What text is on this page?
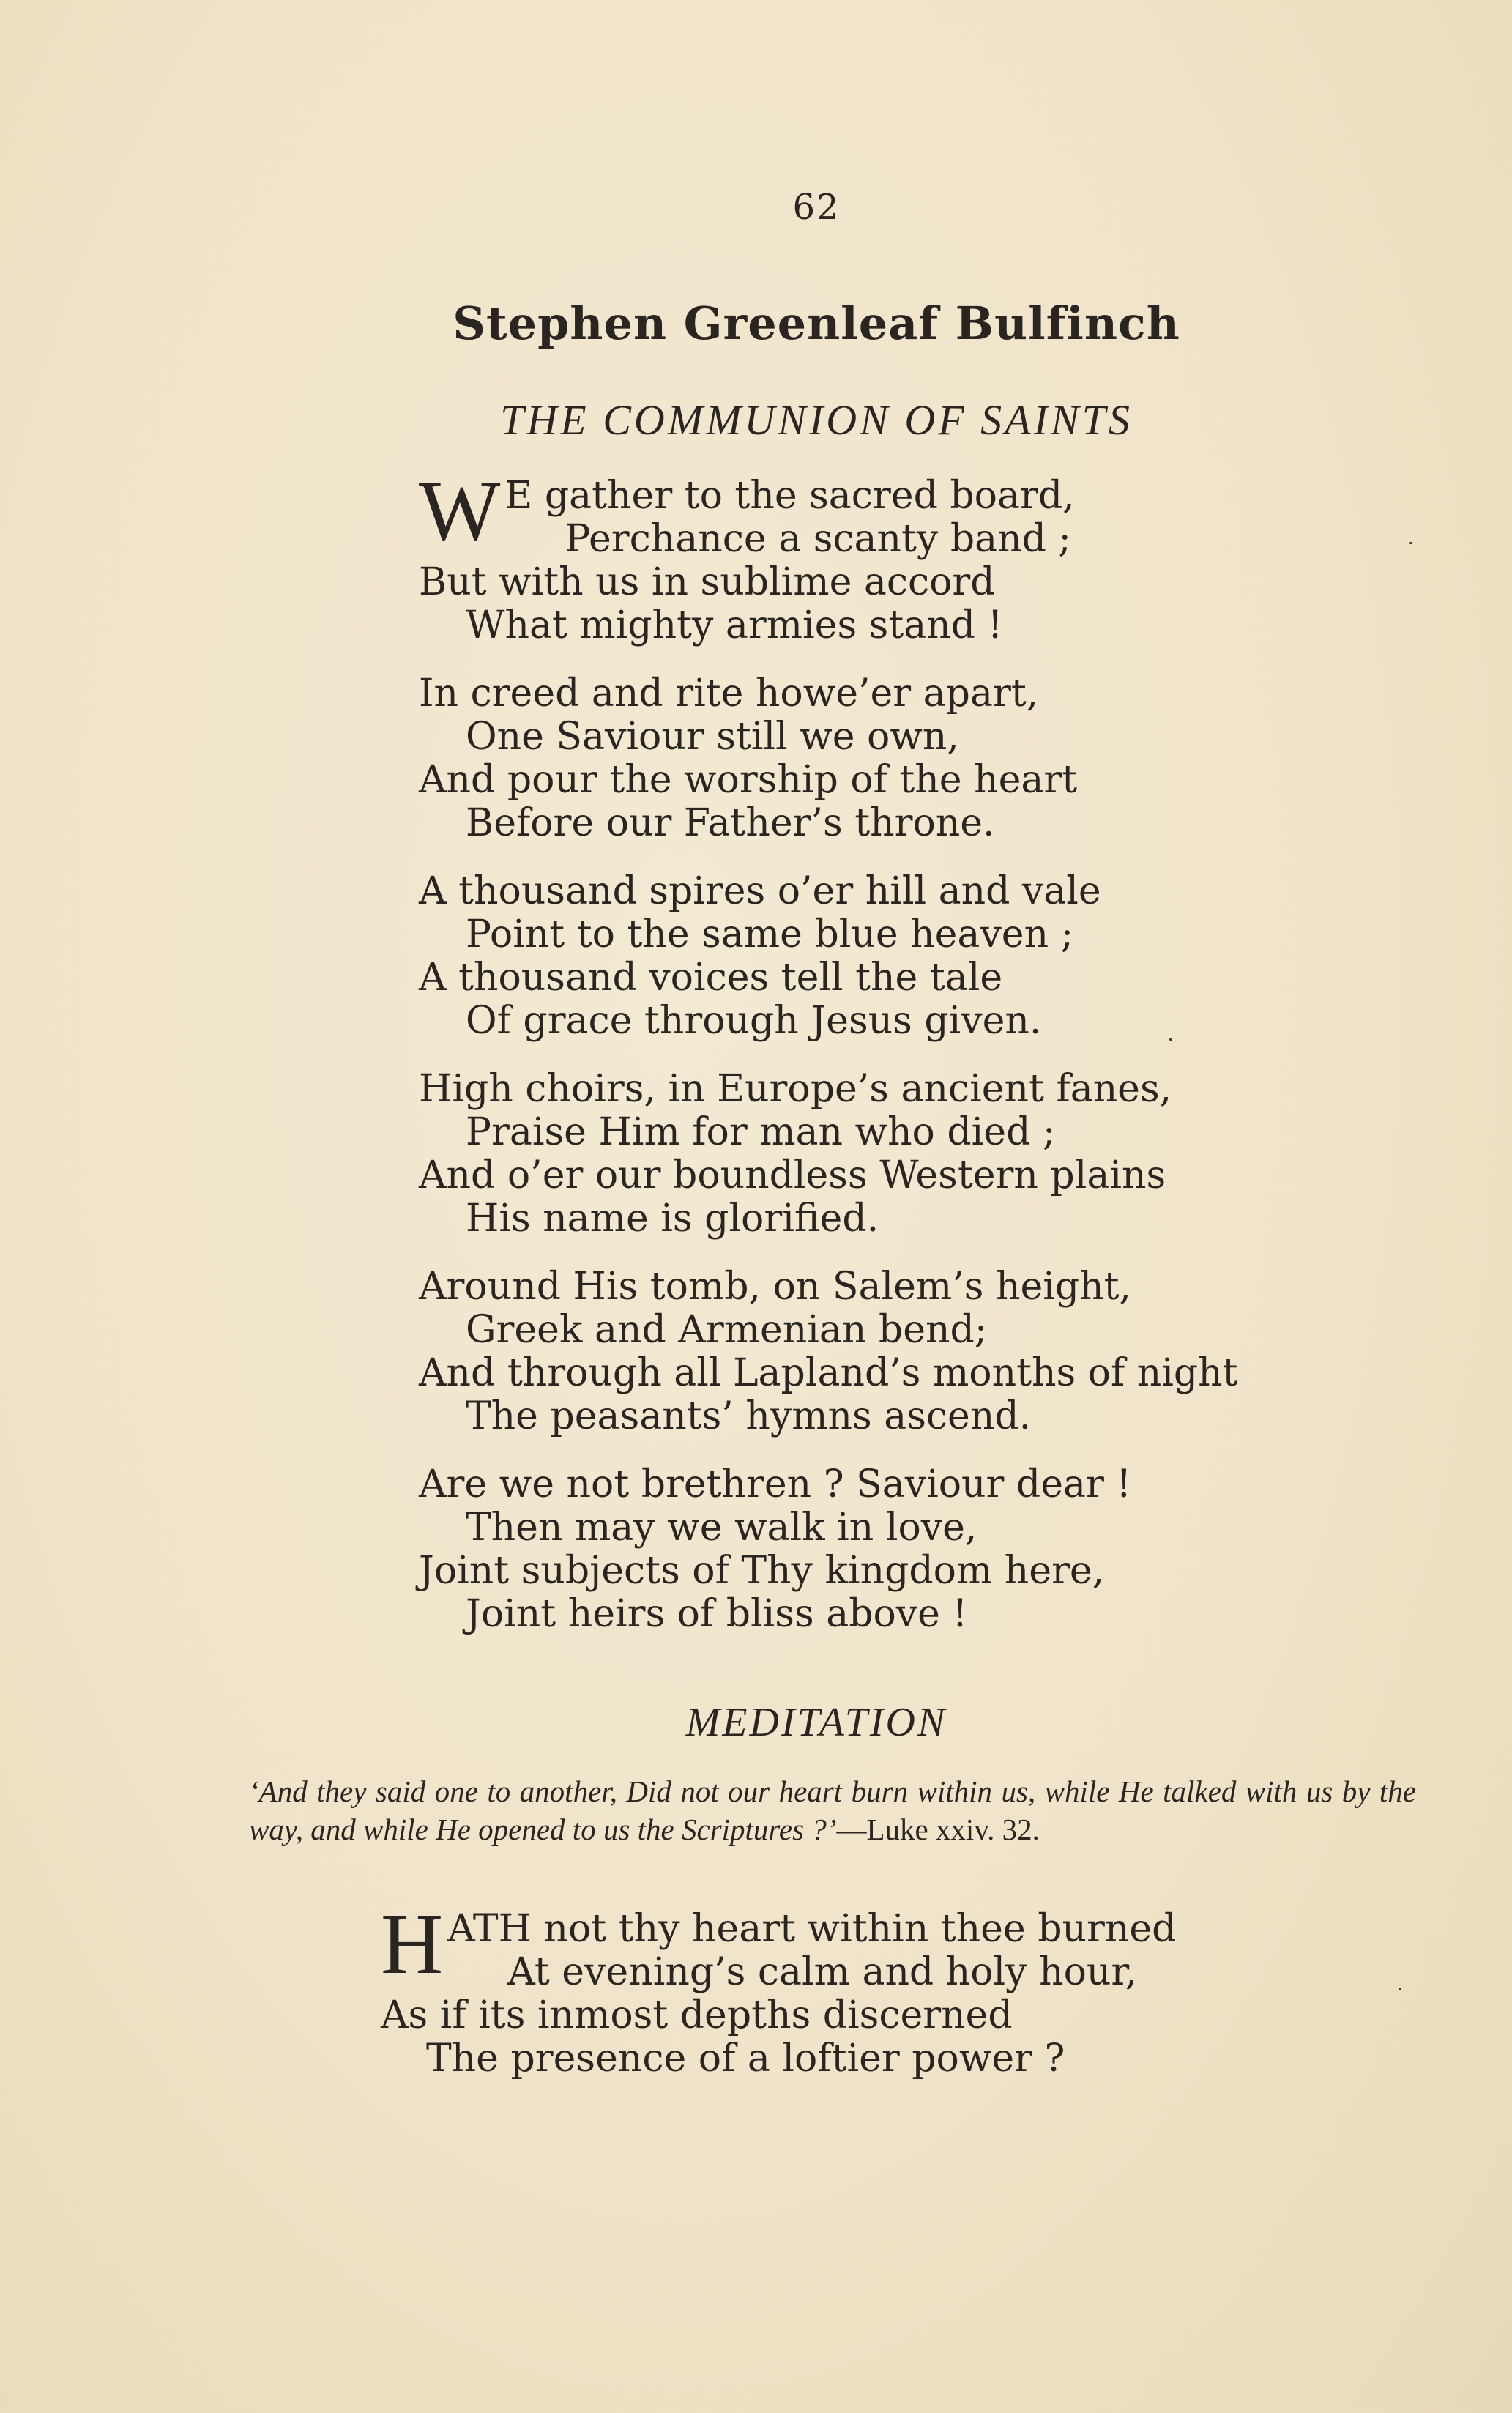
62
Stephen Greenleaf Bulfinch
THE COMMUNION OF SAINTS
W E gather to the sacred board,
Perchance a scanty band ;
But with us in sublime accord
What mighty armies stand !
In creed and rite howe’er apart,
One Saviour still we own,
And pour the worship of the heart
Before our Father’s throne.
A thousand spires o’er hill and vale
Point to the same blue heaven ;
A thousand voices tell the tale
Of grace through Jesus given.
High choirs, in Europe’s ancient fanes,
Praise Him for man who died ;
And o’er our boundless Western plains
His name is glorified.
Around His tomb, on Salem’s height,
Greek and Armenian bend;
And through all Lapland’s months of night
The peasants’ hymns ascend.
Are we not brethren ? Saviour dear !
Then may we walk in love,
Joint subjects of Thy kingdom here,
Joint heirs of bliss above !
MEDITATION
‘And they said one to another, Did not our heart burn within us, while He talked with us by the way, and while He opened to us the Scriptures ?’—Luke xxiv. 32.
H ATH not thy heart within thee burned
At evening’s calm and holy hour,
As if its inmost depths discerned
The presence of a loftier power ?
